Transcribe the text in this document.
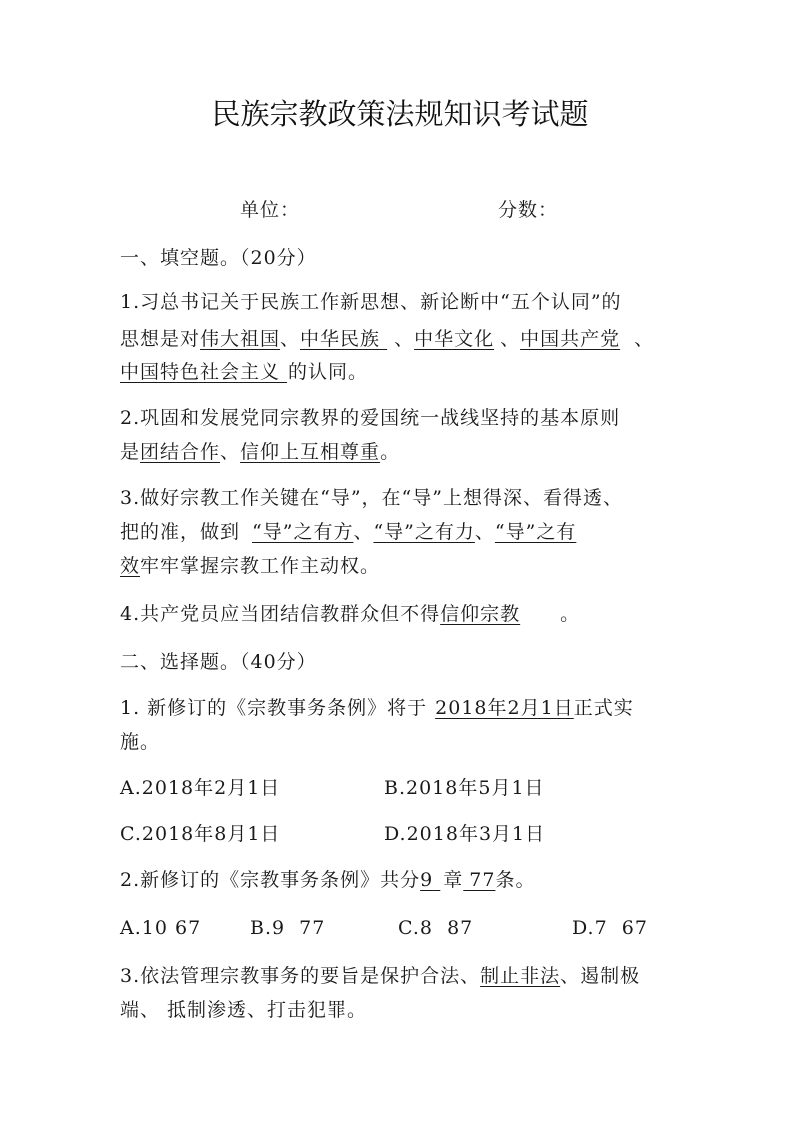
民族宗教政策法规知识考试题
单位：	分数：
一、填空题。（20分）
1.习总书记关于民族工作新思想、新论断中“五个认同”的
思想是对伟大祖国、中华民族 、中华文化 、中国共产党 、
中国特色社会主义 的认同。
2.巩固和发展党同宗教界的爱国统一战线坚持的基本原则
是团结合作、信仰上互相尊重。
3.做好宗教工作关键在“导”，在“导”上想得深、看得透、
把的准，做到 “导”之有方、“导”之有力、“导”之有
效牢牢掌握宗教工作主动权。
4.共产党员应当团结信教群众但不得信仰宗教 。
二、选择题。（40分）
1. 新修订的《宗教事务条例》将于 2018年2月1日正式实
施。
A.2018年2月1日	B.2018年5月1日
C.2018年8月1日	D.2018年3月1日
2.新修订的《宗教事务条例》共分9 章 77条。
A.10 67	B.9  77	C.8  87	D.7  67
3.依法管理宗教事务的要旨是保护合法、制止非法、遏制极
端、 抵制渗透、打击犯罪。
